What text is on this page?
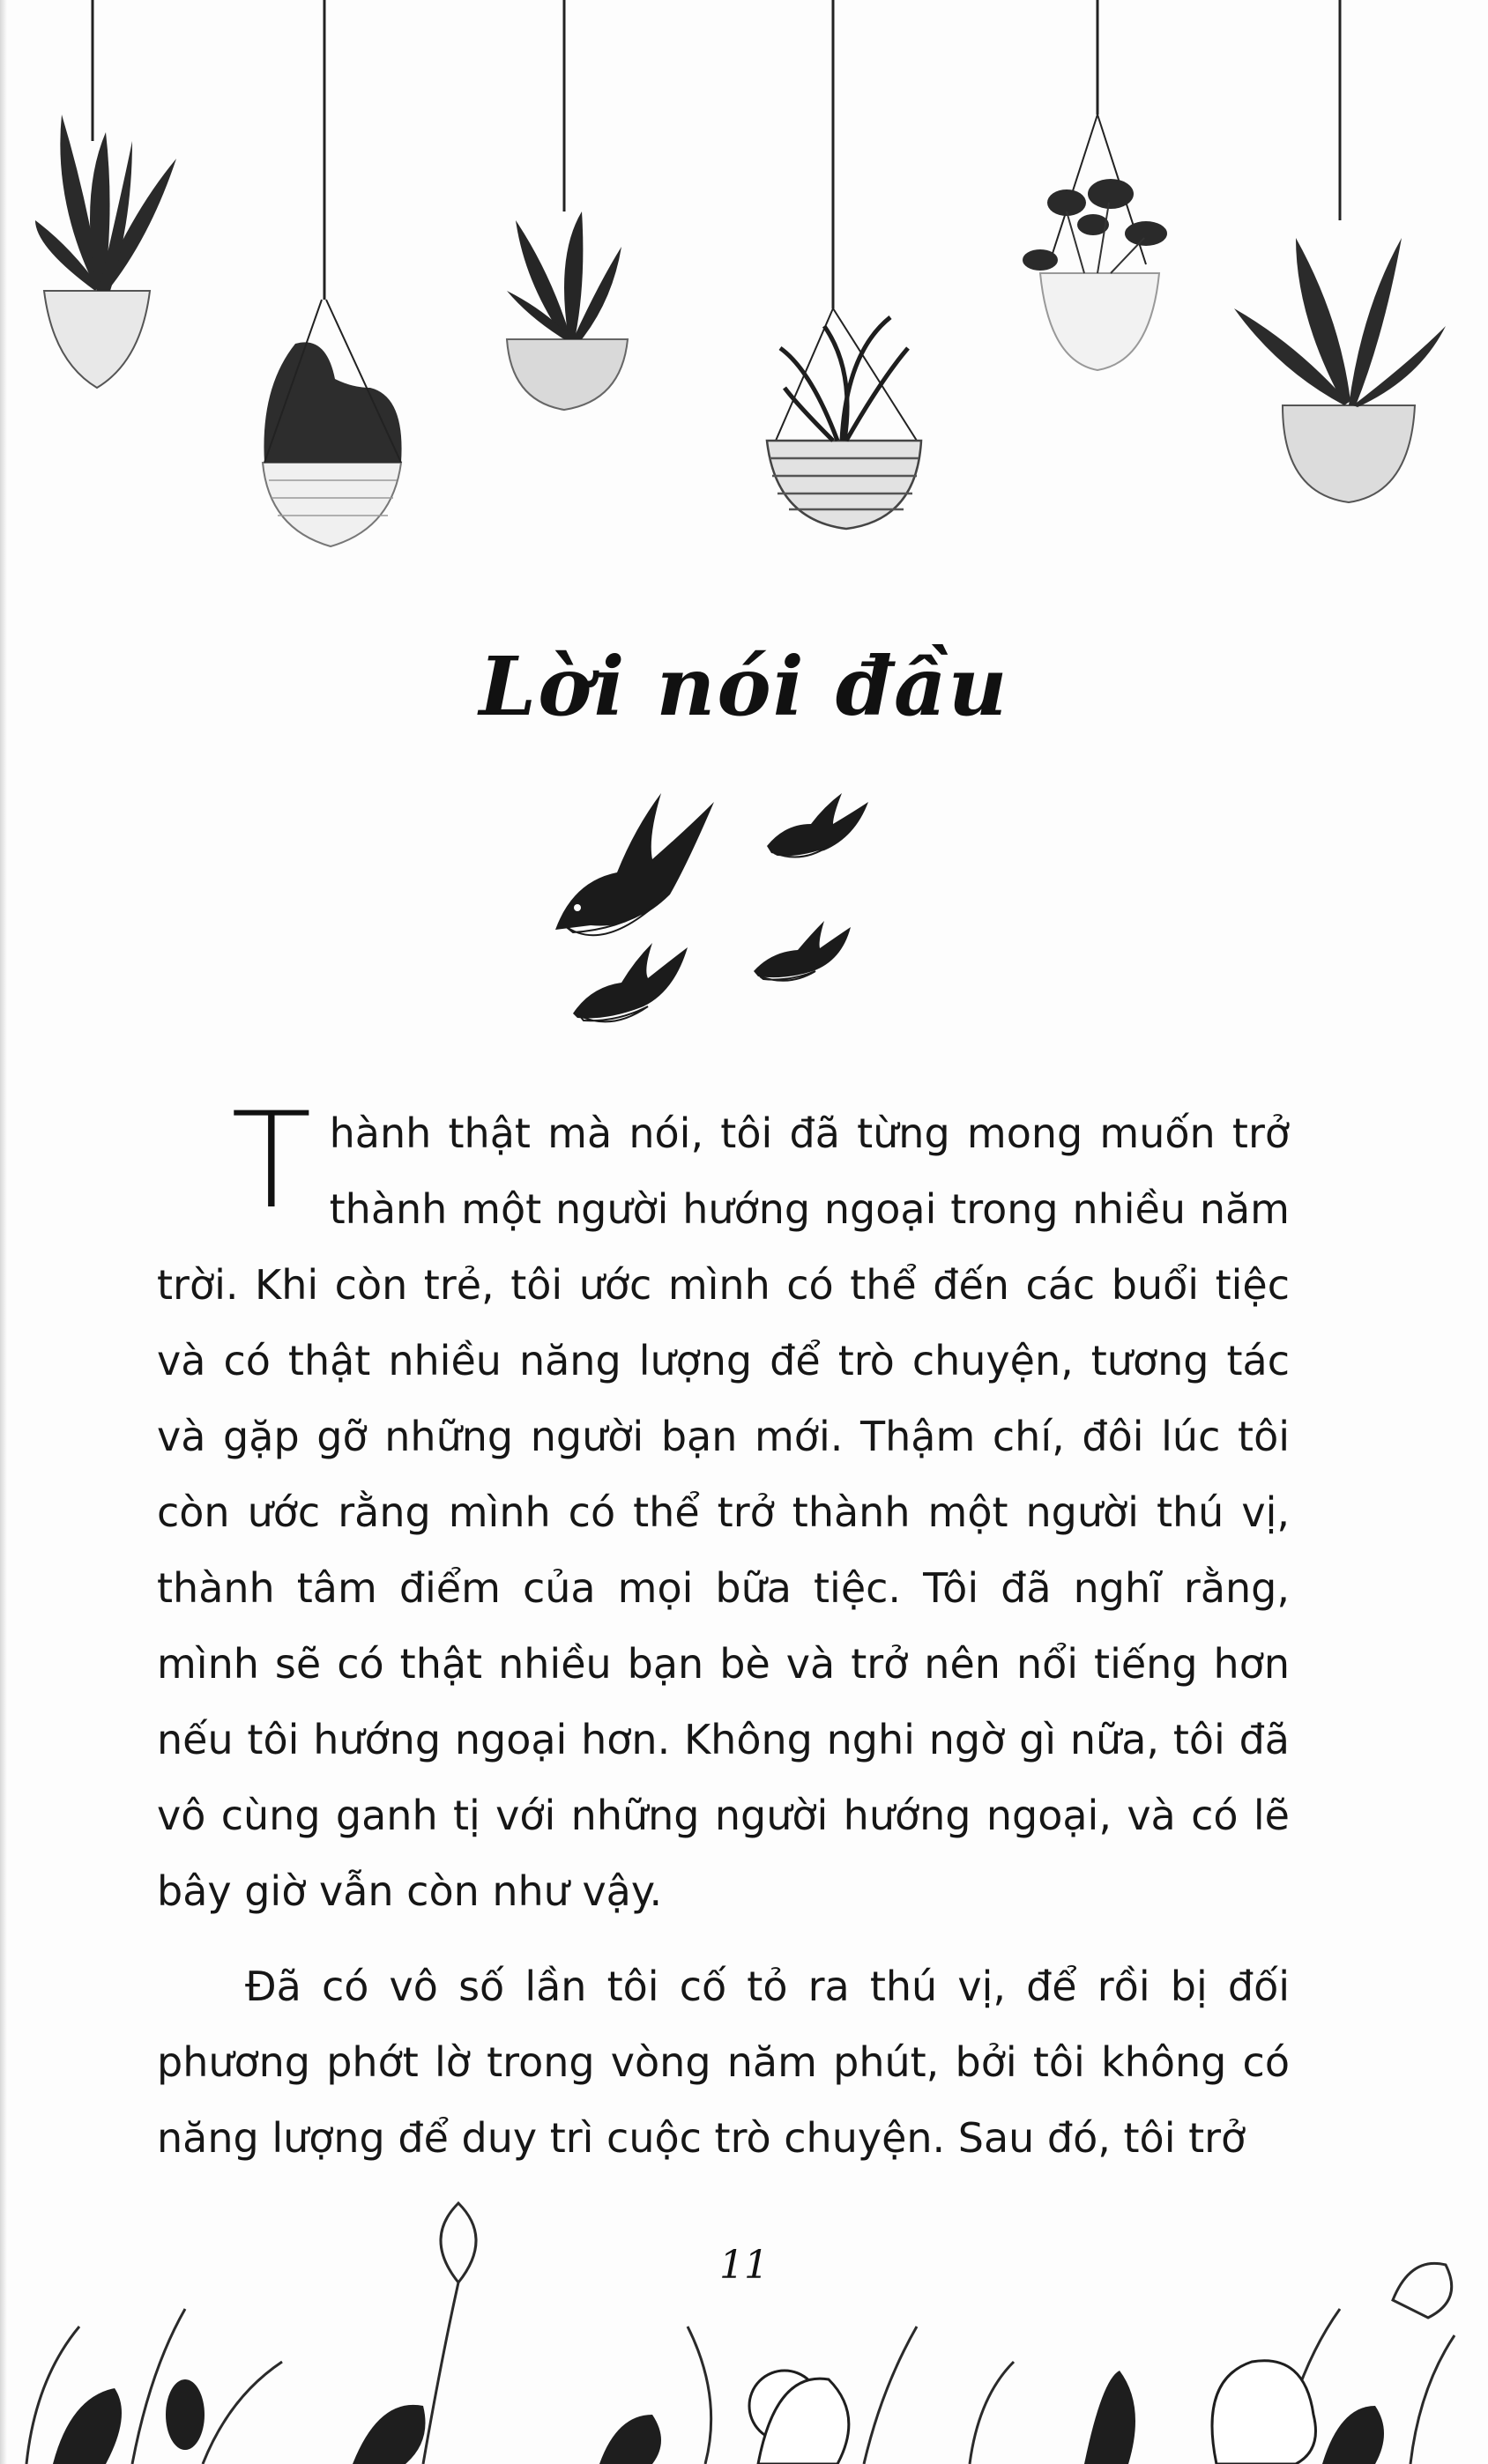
Lời nói đầu

Thành thật mà nói, tôi đã từng mong muốn trở thành một người hướng ngoại trong nhiều năm trời. Khi còn trẻ, tôi ước mình có thể đến các buổi tiệc và có thật nhiều năng lượng để trò chuyện, tương tác và gặp gỡ những người bạn mới. Thậm chí, đôi lúc tôi còn ước rằng mình có thể trở thành một người thú vị, thành tâm điểm của mọi bữa tiệc. Tôi đã nghĩ rằng, mình sẽ có thật nhiều bạn bè và trở nên nổi tiếng hơn nếu tôi hướng ngoại hơn. Không nghi ngờ gì nữa, tôi đã vô cùng ganh tị với những người hướng ngoại, và có lẽ bây giờ vẫn còn như vậy.

Đã có vô số lần tôi cố tỏ ra thú vị, để rồi bị đối phương phớt lờ trong vòng năm phút, bởi tôi không có năng lượng để duy trì cuộc trò chuyện. Sau đó, tôi trở

11
